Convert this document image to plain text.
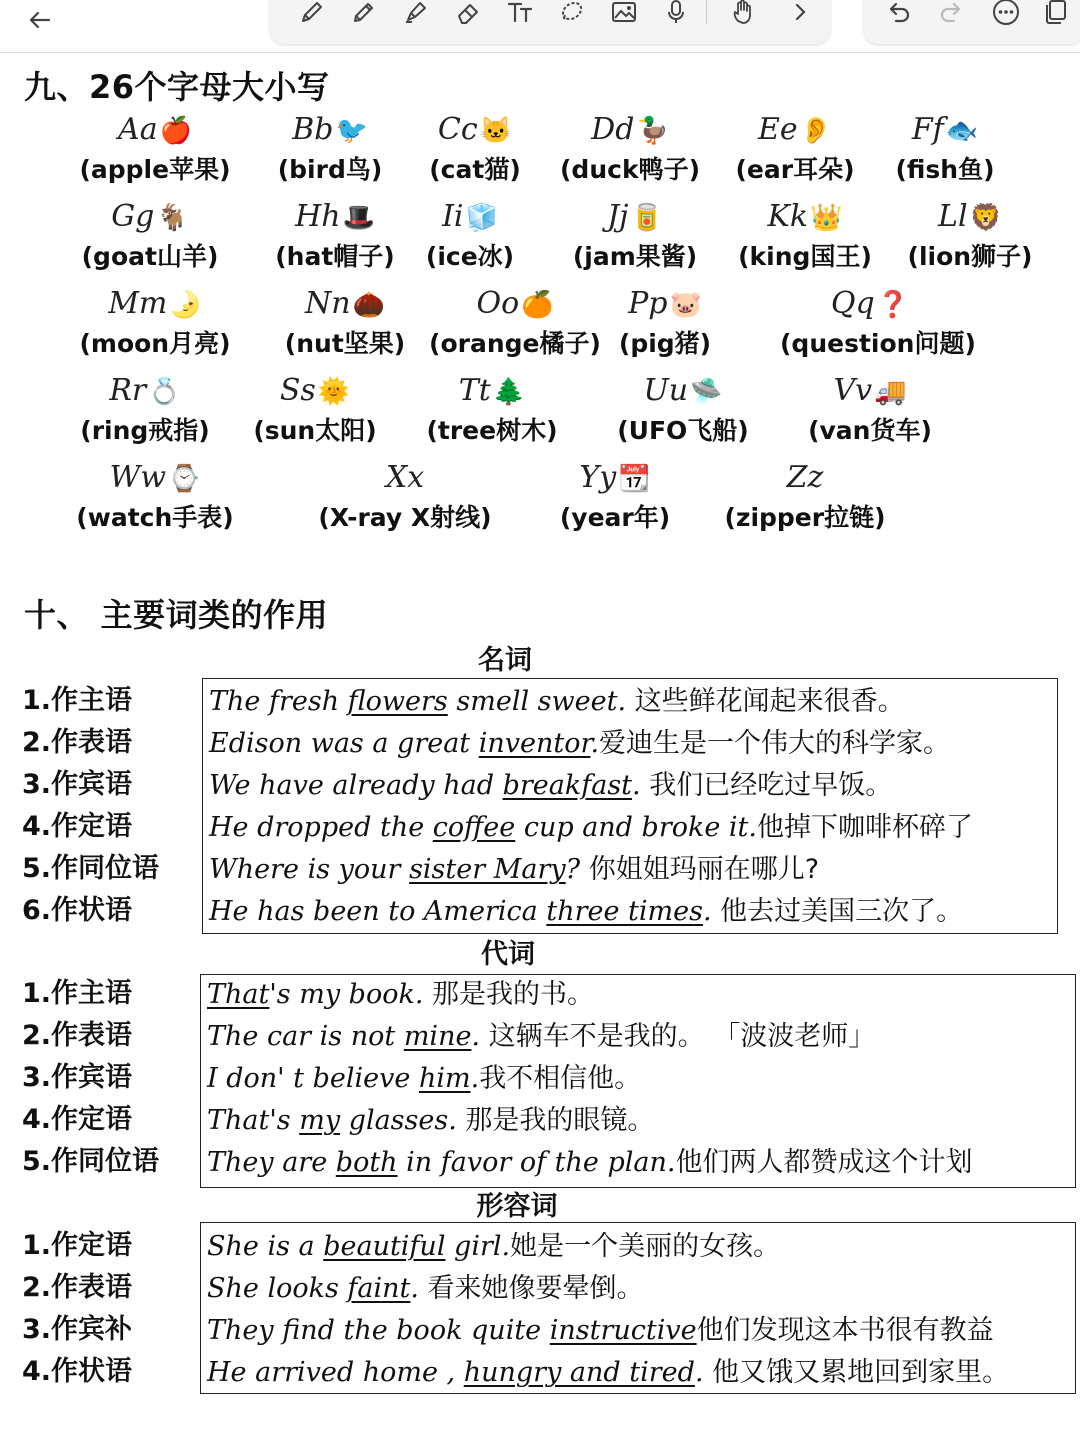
九、26个字母大小写
Aa🍎
(apple苹果)
Bb🐦
(bird鸟)
Cc🐱
(cat猫)
Dd🦆
(duck鸭子)
Ee👂
(ear耳朵)
Ff🐟
(fish鱼)
Gg🐐
(goat山羊)
Hh🎩
(hat帽子)
Ii🧊
(ice冰)
Jj🥫
(jam果酱)
Kk👑
(king国王)
Ll🦁
(lion狮子)
Mm🌛
(moon月亮)
Nn🌰
(nut坚果)
Oo🍊
(orange橘子)
Pp🐷
(pig猪)
Qq❓
(question问题)
Rr💍
(ring戒指)
Ss🌞
(sun太阳)
Tt🌲
(tree树木)
Uu🛸
(UFO飞船)
Vv🚚
(van货车)
Ww⌚
(watch手表)
Xx
(X-ray X射线)
Yy📆
(year年)
Zz
(zipper拉链)
十、 主要词类的作用
名词
The fresh flowers smell sweet. 这些鲜花闻起来很香。
Edison was a great inventor.爱迪生是一个伟大的科学家。
We have already had breakfast. 我们已经吃过早饭。
He dropped the coffee cup and broke it.他掉下咖啡杯碎了
Where is your sister Mary? 你姐姐玛丽在哪儿?
He has been to America three times. 他去过美国三次了。
1.作主语
2.作表语
3.作宾语
4.作定语
5.作同位语
6.作状语
代词
That's my book. 那是我的书。
The car is not mine. 这辆车不是我的。 「波波老师」
I don' t believe him.我不相信他。
That's my glasses. 那是我的眼镜。
They are both in favor of the plan.他们两人都赞成这个计划
1.作主语
2.作表语
3.作宾语
4.作定语
5.作同位语
形容词
She is a beautiful girl.她是一个美丽的女孩。
She looks faint. 看来她像要晕倒。
They find the book quite instructive他们发现这本书很有教益
He arrived home , hungry and tired. 他又饿又累地回到家里。
1.作定语
2.作表语
3.作宾补
4.作状语
